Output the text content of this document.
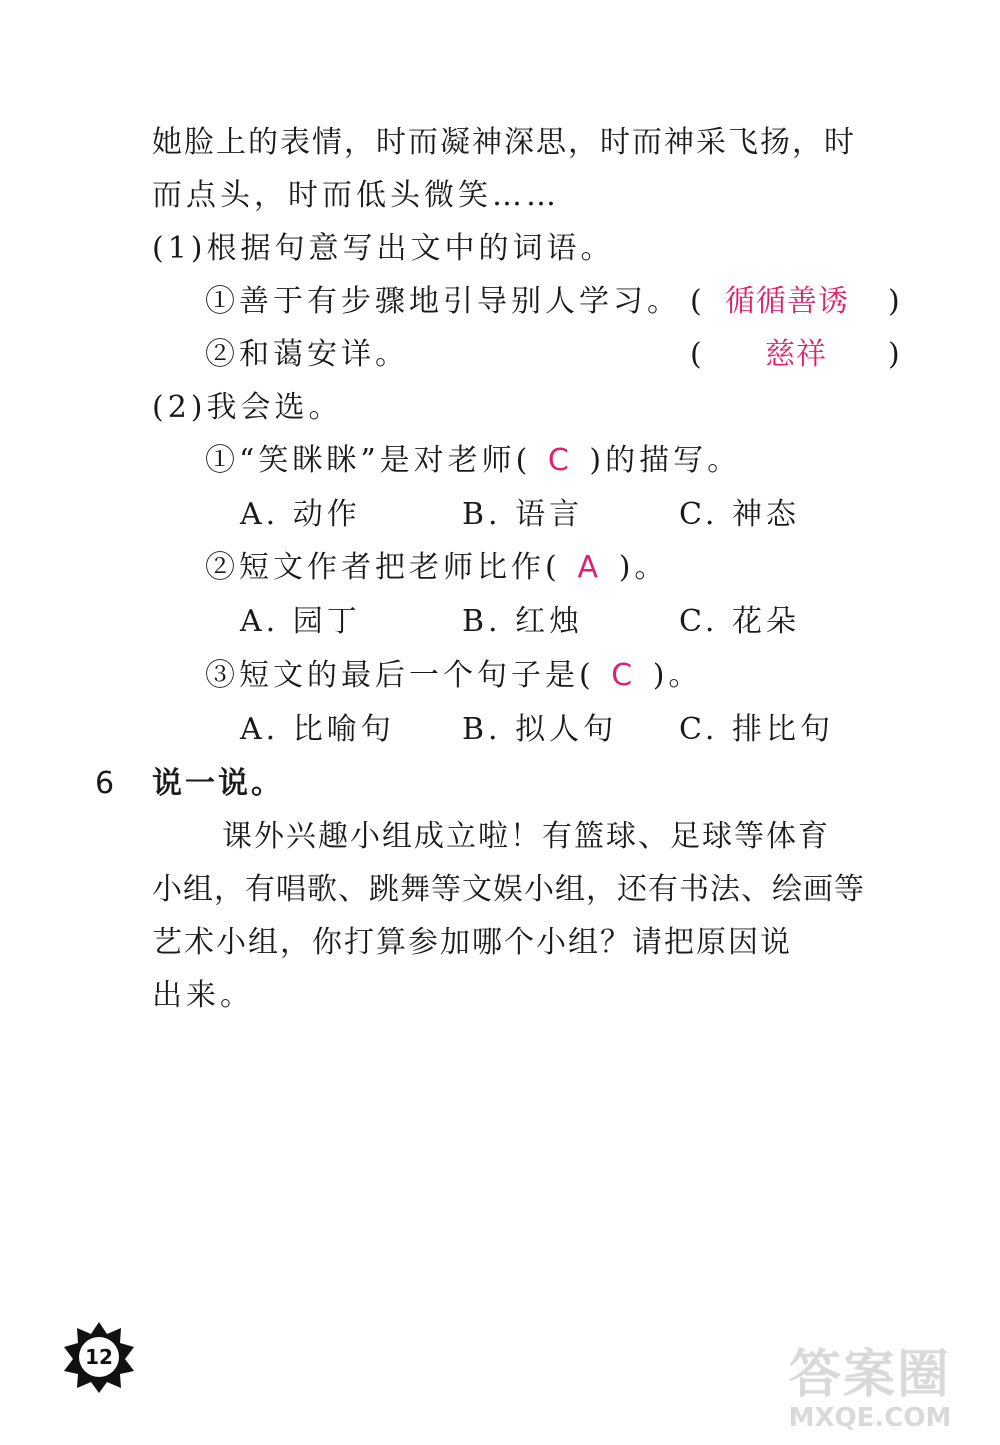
她脸上的表情，时而凝神深思，时而神采飞扬，时
而点头，时而低头微笑……
(1)根据句意写出文中的词语。
①善于有步骤地引导别人学习。 ( 循循善诱 )
②和蔼安详。	( 慈祥 )
(2)我会选。
①“笑眯眯”是对老师( C )的描写。
A. 动作	B. 语言	C. 神态
②短文作者把老师比作( A )。
A. 园丁	B. 红烛	C. 花朵
③短文的最后一个句子是( C )。
A. 比喻句 B. 拟人句 C. 排比句
6 说一说。
课外兴趣小组成立啦！有篮球、足球等体育
小组，有唱歌、跳舞等文娱小组，还有书法、绘画等
艺术小组，你打算参加哪个小组？请把原因说
出来。
12	答案圈
MXQE.COM
